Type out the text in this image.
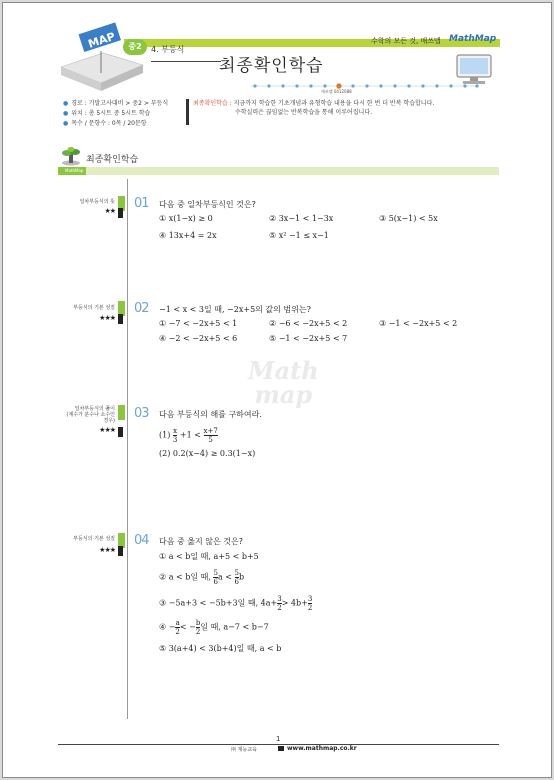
MAP	수학의 모든 것, 매쓰맵 MathMap
중2	4. 부등식
최종확인학습
매쓰맵 0412088
● 경로 : 기말고사대비 > 중2 > 부등식
● 위치 : 총 5시트 중 5시트 학습
● 목수 / 문항수 : 0목 / 20문항
최종확인학습 : 지금까지 학습한 기초개념과 유형학습 내용을 다시 한 번 더 반복 학습합니다.
수학실력은 끊임없는 반복학습을 통해 이루어집니다.
최종확인학습
MathMap
Math
map
일차부등식의 뜻
★★ 01 다음 중 일차부등식인 것은?
① x(1−x) ≥ 0	② 3x−1 < 1−3x	③ 5(x−1) < 5x
④ 13x+4 = 2x	⑤ x² −1 ≤ x−1
부등식의 기본 성질
★★★
02 −1 < x < 3일 때, −2x+5의 값의 범위는?
① −7 < −2x+5 < 1	② −6 < −2x+5 < 2	③ −1 < −2x+5 < 2
④ −2 < −2x+5 < 6	⑤ −1 < −2x+5 < 7
일차부등식의 풀이
(계수가 분수나 소수인
경우)
★★★
03 다음 부등식의 해를 구하여라.
$(1) \frac{x}{3} +1 < \frac{x+7}{5}$
(2) 0.2(x−4) ≥ 0.3(1−x)
부등식의 기본 성질
★★★
04 다음 중 옳지 않은 것은?
① a < b일 때, a+5 < b+5
② a < b일 때, $\frac{5}{6}$ $a < \frac{5}{6}$ b
③ −5a+3 < −5b+3일 때, $4a+ \frac{3}{2} > 4b+ \frac{3}{2}$
④ − $\frac{a}{2}$ < − $\frac{b}{2}$ 일 때, a−7 < b−7
⑤ 3(a+4) < 3(b+4)일 때, a < b
1
㈜ 재능교육	www.mathmap.co.kr
